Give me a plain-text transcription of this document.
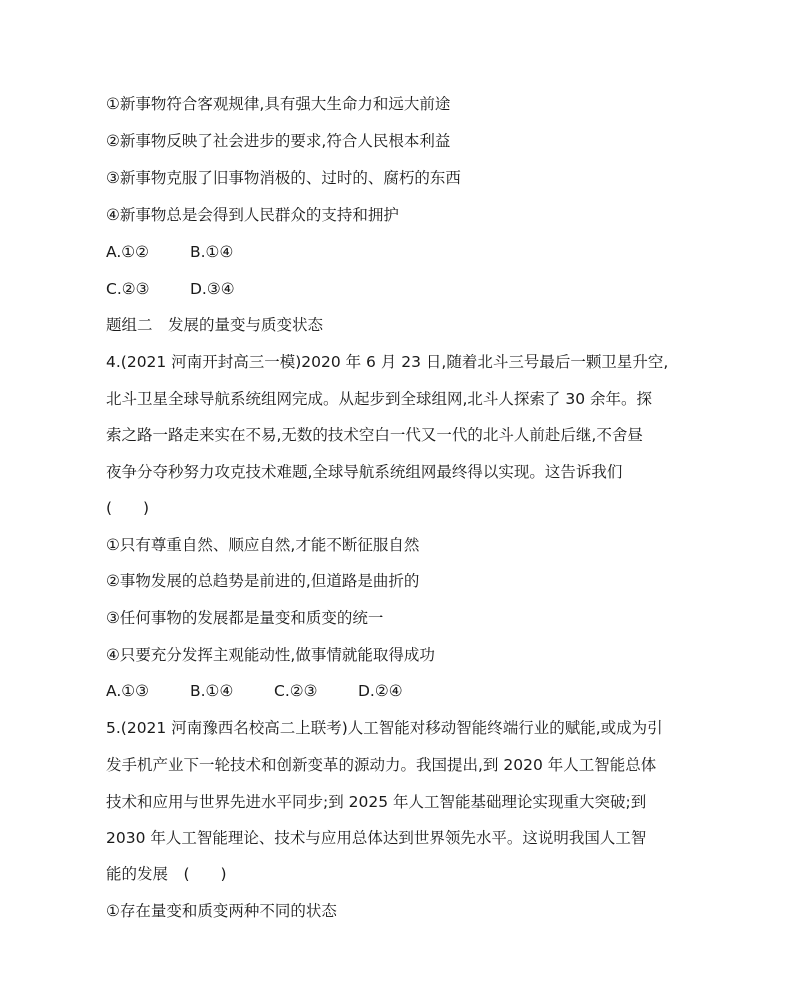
①新事物符合客观规律,具有强大生命力和远大前途
②新事物反映了社会进步的要求,符合人民根本利益
③新事物克服了旧事物消极的、过时的、腐朽的东西
④新事物总是会得到人民群众的支持和拥护
A.①②	B.①④
C.②③	D.③④
题组二　发展的量变与质变状态
4.(2021 河南开封高三一模)2020 年 6 月 23 日,随着北斗三号最后一颗卫星升空,
北斗卫星全球导航系统组网完成。从起步到全球组网,北斗人探索了 30 余年。探
索之路一路走来实在不易,无数的技术空白一代又一代的北斗人前赴后继,不舍昼
夜争分夺秒努力攻克技术难题,全球导航系统组网最终得以实现。这告诉我们
(　　)
①只有尊重自然、顺应自然,才能不断征服自然
②事物发展的总趋势是前进的,但道路是曲折的
③任何事物的发展都是量变和质变的统一
④只要充分发挥主观能动性,做事情就能取得成功
A.①③	B.①④	C.②③	D.②④
5.(2021 河南豫西名校高二上联考)人工智能对移动智能终端行业的赋能,或成为引
发手机产业下一轮技术和创新变革的源动力。我国提出,到 2020 年人工智能总体
技术和应用与世界先进水平同步;到 2025 年人工智能基础理论实现重大突破;到
2030 年人工智能理论、技术与应用总体达到世界领先水平。这说明我国人工智
能的发展　(　　)
①存在量变和质变两种不同的状态
